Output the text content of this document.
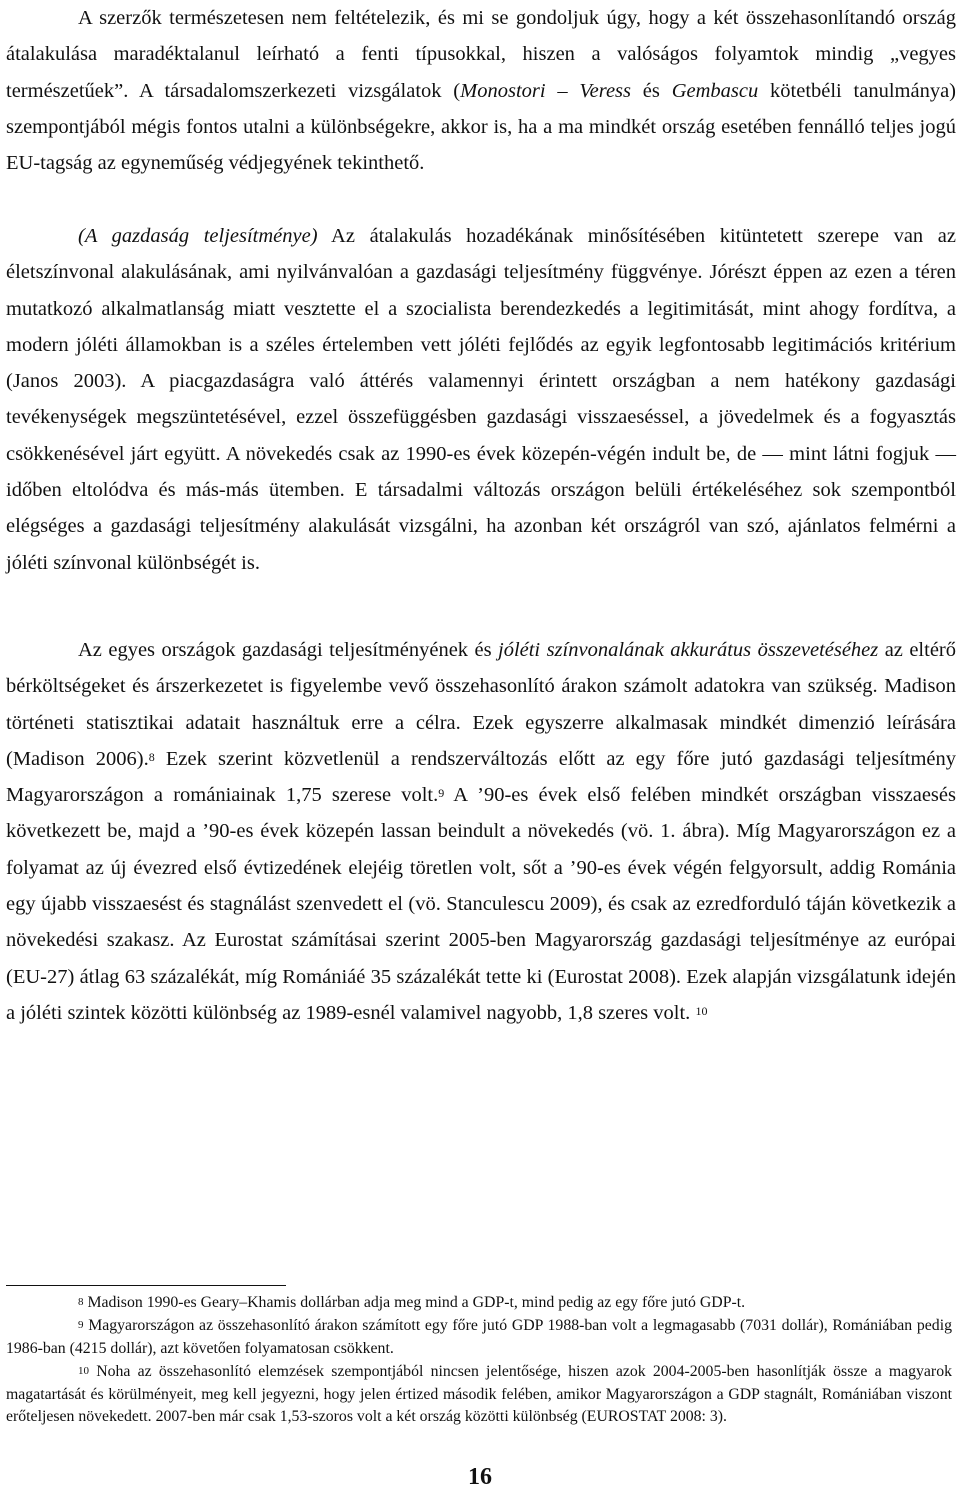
A szerzők természetesen nem feltételezik, és mi se gondoljuk úgy, hogy a két összehasonlítandó ország átalakulása maradéktalanul leírható a fenti típusokkal, hiszen a valóságos folyamtok mindig „vegyes természetűek”. A társadalomszerkezeti vizsgálatok (Monostori – Veress és Gembascu kötetbéli tanulmánya) szempontjából mégis fontos utalni a különbségekre, akkor is, ha a ma mindkét ország esetében fennálló teljes jogú EU-tagság az egyneműség védjegyének tekinthető.

(A gazdaság teljesítménye) Az átalakulás hozadékának minősítésében kitüntetett szerepe van az életszínvonal alakulásának, ami nyilvánvalóan a gazdasági teljesítmény függvénye. Jórészt éppen az ezen a téren mutatkozó alkalmatlanság miatt vesztette el a szocialista berendezkedés a legitimitását, mint ahogy fordítva, a modern jóléti államokban is a széles értelemben vett jóléti fejlődés az egyik legfontosabb legitimációs kritérium (Janos 2003). A piacgazdaságra való áttérés valamennyi érintett országban a nem hatékony gazdasági tevékenységek megszüntetésével, ezzel összefüggésben gazdasági visszaeséssel, a jövedelmek és a fogyasztás csökkenésével járt együtt. A növekedés csak az 1990-es évek közepén-végén indult be, de — mint látni fogjuk — időben eltolódva és más-más ütemben. E társadalmi változás országon belüli értékeléséhez sok szempontból elégséges a gazdasági teljesítmény alakulását vizsgálni, ha azonban két országról van szó, ajánlatos felmérni a jóléti színvonal különbségét is.

Az egyes országok gazdasági teljesítményének és jóléti színvonalának akkurátus összevetéséhez az eltérő bérköltségeket és árszerkezetet is figyelembe vevő összehasonlító árakon számolt adatokra van szükség. Madison történeti statisztikai adatait használtuk erre a célra. Ezek egyszerre alkalmasak mindkét dimenzió leírására (Madison 2006).$^8$ Ezek szerint közvetlenül a rendszerváltozás előtt az egy főre jutó gazdasági teljesítmény Magyarországon a romániainak 1,75 szerese volt.$^9$ A ’90-es évek első felében mindkét országban visszaesés következett be, majd a ’90-es évek közepén lassan beindult a növekedés (vö. 1. ábra). Míg Magyarországon ez a folyamat az új évezred első évtizedének elejéig töretlen volt, sőt a ’90-es évek végén felgyorsult, addig Románia egy újabb visszaesést és stagnálást szenvedett el (vö. Stanculescu 2009), és csak az ezredforduló táján következik a növekedési szakasz. Az Eurostat számításai szerint 2005-ben Magyarország gazdasági teljesítménye az európai (EU-27) átlag 63 százalékát, míg Romániáé 35 százalékát tette ki (Eurostat 2008). Ezek alapján vizsgálatunk idején a jóléti szintek közötti különbség az 1989-esnél valamivel nagyobb, 1,8 szeres volt. $^{10}$

$^8$ Madison 1990-es Geary–Khamis dollárban adja meg mind a GDP-t, mind pedig az egy főre jutó GDP-t.

$^9$ Magyarországon az összehasonlító árakon számított egy főre jutó GDP 1988-ban volt a legmagasabb (7031 dollár), Romániában pedig 1986-ban (4215 dollár), azt követően folyamatosan csökkent.

$^{10}$ Noha az összehasonlító elemzések szempontjából nincsen jelentősége, hiszen azok 2004-2005-ben hasonlítják össze a magyarok magatartását és körülményeit, meg kell jegyezni, hogy jelen értized második felében, amikor Magyarországon a GDP stagnált, Romániában viszont erőteljesen növekedett. 2007-ben már csak 1,53-szoros volt a két ország közötti különbség (EUROSTAT 2008: 3).

16
